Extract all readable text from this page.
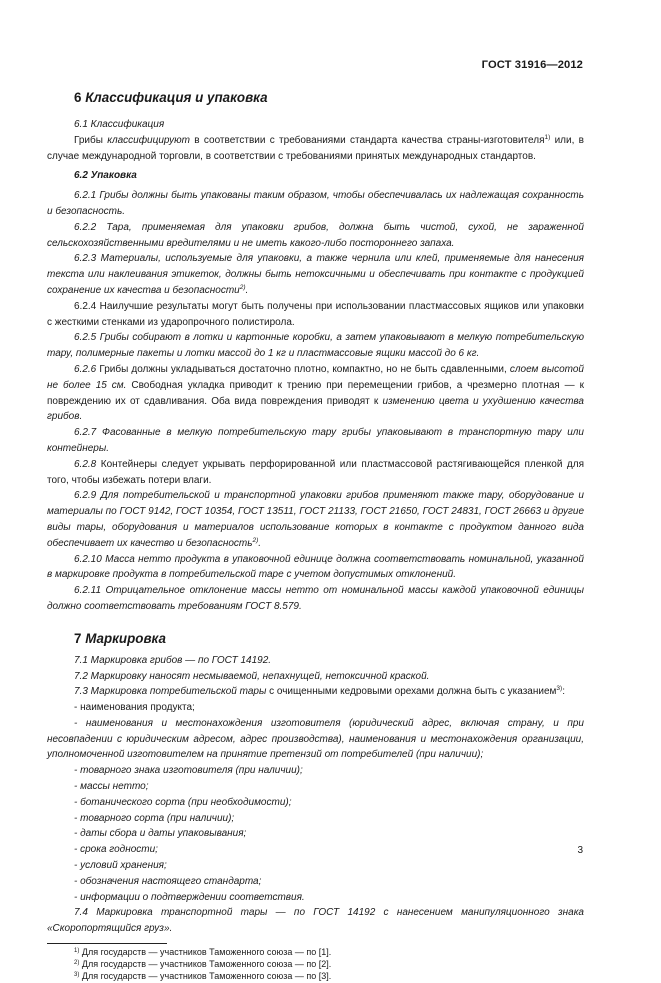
ГОСТ 31916—2012
6 Классификация и упаковка

6.1 Классификация

Грибы классифицируют в соответствии с требованиями стандарта качества страны-изготовителя$^{1)}$ или, в случае международной торговли, в соответствии с требованиями принятых международных стандартов.

6.2 Упаковка

6.2.1 Грибы должны быть упакованы таким образом, чтобы обеспечивалась их надлежащая сохранность и безопасность.

6.2.2 Тара, применяемая для упаковки грибов, должна быть чистой, сухой, не зараженной сельскохозяйственными вредителями и не иметь какого-либо постороннего запаха.

6.2.3 Материалы, используемые для упаковки, а также чернила или клей, применяемые для нанесения текста или наклеивания этикеток, должны быть нетоксичными и обеспечивать при контакте с продукцией сохранение их качества и безопасности$^{2)}$.

6.2.4 Наилучшие результаты могут быть получены при использовании пластмассовых ящиков или упаковки с жесткими стенками из ударопрочного полистирола.

6.2.5 Грибы собирают в лотки и картонные коробки, а затем упаковывают в мелкую потребительскую тару, полимерные пакеты и лотки массой до 1 кг и пластмассовые ящики массой до 6 кг.

6.2.6 Грибы должны укладываться достаточно плотно, компактно, но не быть сдавленными, слоем высотой не более 15 см. Свободная укладка приводит к трению при перемещении грибов, а чрезмерно плотная — к повреждению их от сдавливания. Оба вида повреждения приводят к изменению цвета и ухудшению качества грибов.

6.2.7 Фасованные в мелкую потребительскую тару грибы упаковывают в транспортную тару или контейнеры.

6.2.8 Контейнеры следует укрывать перфорированной или пластмассовой растягивающейся пленкой для того, чтобы избежать потери влаги.

6.2.9 Для потребительской и транспортной упаковки грибов применяют также тару, оборудование и материалы по ГОСТ 9142, ГОСТ 10354, ГОСТ 13511, ГОСТ 21133, ГОСТ 21650, ГОСТ 24831, ГОСТ 26663 и другие виды тары, оборудования и материалов использование которых в контакте с продуктом данного вида обеспечивает их качество и безопасность$^{2)}$.

6.2.10 Масса нетто продукта в упаковочной единице должна соответствовать номинальной, указанной в маркировке продукта в потребительской таре с учетом допустимых отклонений.

6.2.11 Отрицательное отклонение массы нетто от номинальной массы каждой упаковочной единицы должно соответствовать требованиям ГОСТ 8.579.

7 Маркировка

7.1 Маркировка грибов — по ГОСТ 14192.

7.2 Маркировку наносят несмываемой, непахнущей, нетоксичной краской.

7.3 Маркировка потребительской тары с очищенными кедровыми орехами должна быть с указанием$^{3)}$:

- наименования продукта;

- наименования и местонахождения изготовителя (юридический адрес, включая страну, и при несовпадении с юридическим адресом, адрес производства), наименования и местонахождения организации, уполномоченной изготовителем на принятие претензий от потребителей (при наличии);

- товарного знака изготовителя (при наличии);

- массы нетто;

- ботанического сорта (при необходимости);

- товарного сорта (при наличии);

- даты сбора и даты упаковывания;

- срока годности;

- условий хранения;

- обозначения настоящего стандарта;

- информации о подтверждении соответствия.

7.4 Маркировка транспортной тары — по ГОСТ 14192 с нанесением манипуляционного знака «Скоропортящийся груз».

$^{1)}$ Для государств — участников Таможенного союза — по [1].

$^{2)}$ Для государств — участников Таможенного союза — по [2].

$^{3)}$ Для государств — участников Таможенного союза — по [3].

3
